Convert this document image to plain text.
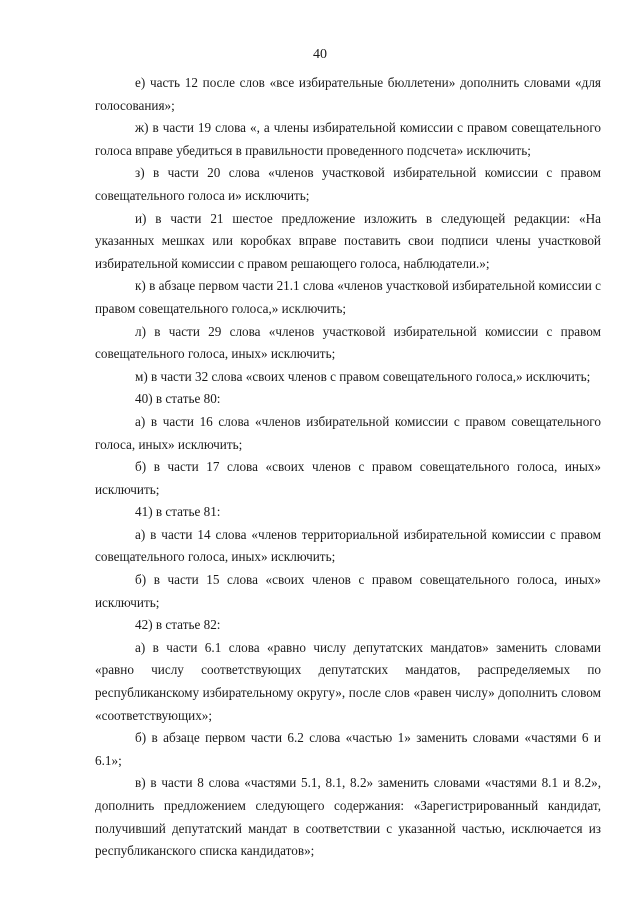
40

е) часть 12 после слов «все избирательные бюллетени» дополнить словами «для голосования»;

ж) в части 19 слова «, а члены избирательной комиссии с правом совещательного голоса вправе убедиться в правильности проведенного подсчета» исключить;

з) в части 20 слова «членов участковой избирательной комиссии с правом совещательного голоса и» исключить;

и) в части 21 шестое предложение изложить в следующей редакции: «На указанных мешках или коробках вправе поставить свои подписи члены участковой избирательной комиссии с правом решающего голоса, наблюдатели.»;

к) в абзаце первом части 21.1 слова «членов участковой избирательной комиссии с правом совещательного голоса,» исключить;

л) в части 29 слова «членов участковой избирательной комиссии с правом совещательного голоса, иных» исключить;

м) в части 32 слова «своих членов с правом совещательного голоса,» исключить;

40) в статье 80:

а) в части 16 слова «членов избирательной комиссии с правом совещательного голоса, иных» исключить;

б) в части 17 слова «своих членов с правом совещательного голоса, иных» исключить;

41) в статье 81:

а) в части 14 слова «членов территориальной избирательной комиссии с правом совещательного голоса, иных» исключить;

б) в части 15 слова «своих членов с правом совещательного голоса, иных» исключить;

42) в статье 82:

а) в части 6.1 слова «равно числу депутатских мандатов» заменить словами «равно числу соответствующих депутатских мандатов, распределяемых по республиканскому избирательному округу», после слов «равен числу» дополнить словом «соответствующих»;

б) в абзаце первом части 6.2 слова «частью 1» заменить словами «частями 6 и 6.1»;

в) в части 8 слова «частями 5.1, 8.1, 8.2» заменить словами «частями 8.1 и 8.2», дополнить предложением следующего содержания: «Зарегистрированный кандидат, получивший депутатский мандат в соответствии с указанной частью, исключается из республиканского списка кандидатов»;
